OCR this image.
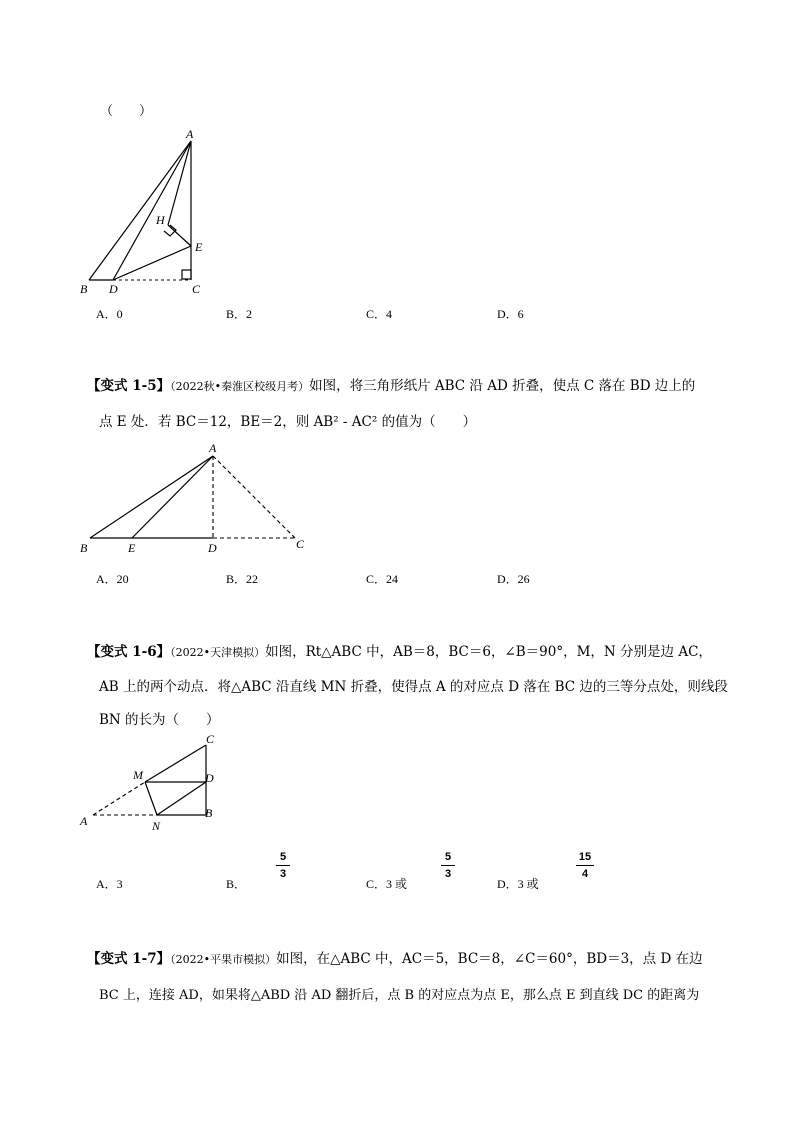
（　　）
A
H
E
B D	C
A．0	B．2	C．4	D．6
【变式 1-5】（2022秋•秦淮区校级月考）如图，将三角形纸片 ABC 沿 AD 折叠，使点 C 落在 BD 边上的
点 E 处．若 BC＝12，BE＝2，则 AB² - AC² 的值为（　　）
A
B	E	D	C
A．20	B．22	C．24	D．26
【变式 1-6】（2022•天津模拟）如图，Rt△ABC 中，AB＝8，BC＝6，∠B＝90°，M，N 分别是边 AC，
AB 上的两个动点．将△ABC 沿直线 MN 折叠，使得点 A 的对应点 D 落在 BC 边的三等分点处，则线段
BN 的长为（　　）
C
M	D
A	N
B
A．3	B．
5
3
C．3 或
5
3
D．3 或
15
4
【变式 1-7】（2022•平果市模拟）如图，在△ABC 中，AC＝5，BC＝8，∠C＝60°，BD＝3，点 D 在边
BC 上，连接 AD，如果将△ABD 沿 AD 翻折后，点 B 的对应点为点 E，那么点 E 到直线 DC 的距离为
